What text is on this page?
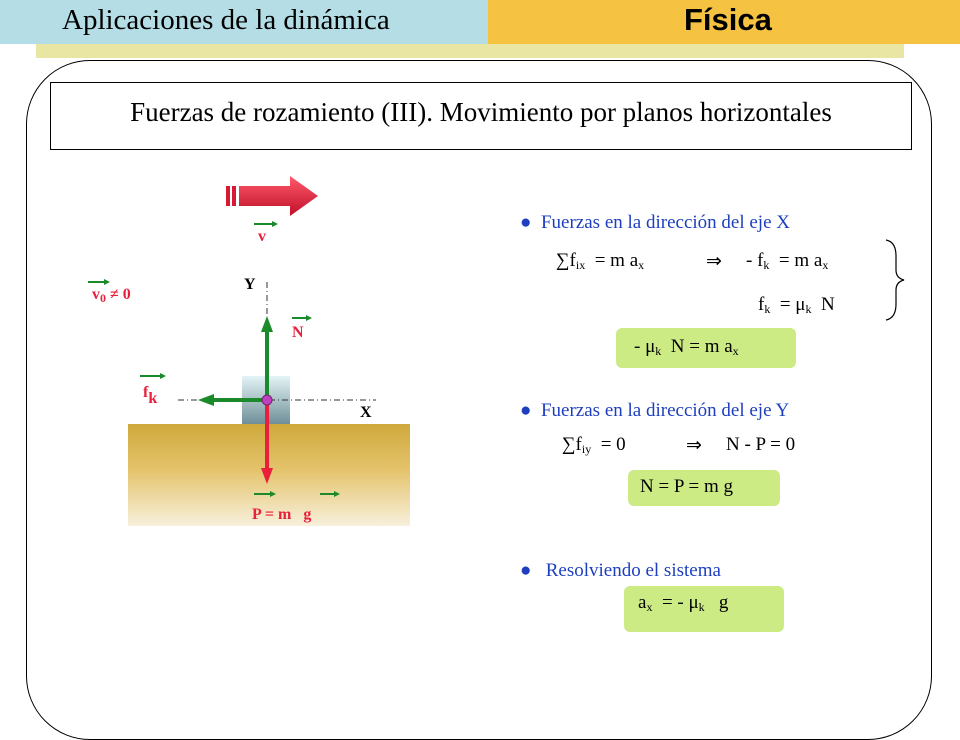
Aplicaciones de la dinámica	Física
Fuerzas de rozamiento (III). Movimiento por planos horizontales
v
$v_0 \ne 0$
Y
X
N
fk
P = m g
● Fuerzas en la dirección del eje X
$\sum f_{ix} = m$ $a_x$	⇒ - $f_k = m$ $a_x$
$f_k = \mu_k$ N
- $\mu_k$ N = m $a_x$
● Fuerzas en la dirección del eje Y
$\sum f_{iy} = 0$	⇒ N - P = 0
N = P = m g
● Resolviendo el sistema
$a_x$ = - $\mu_k$ g
